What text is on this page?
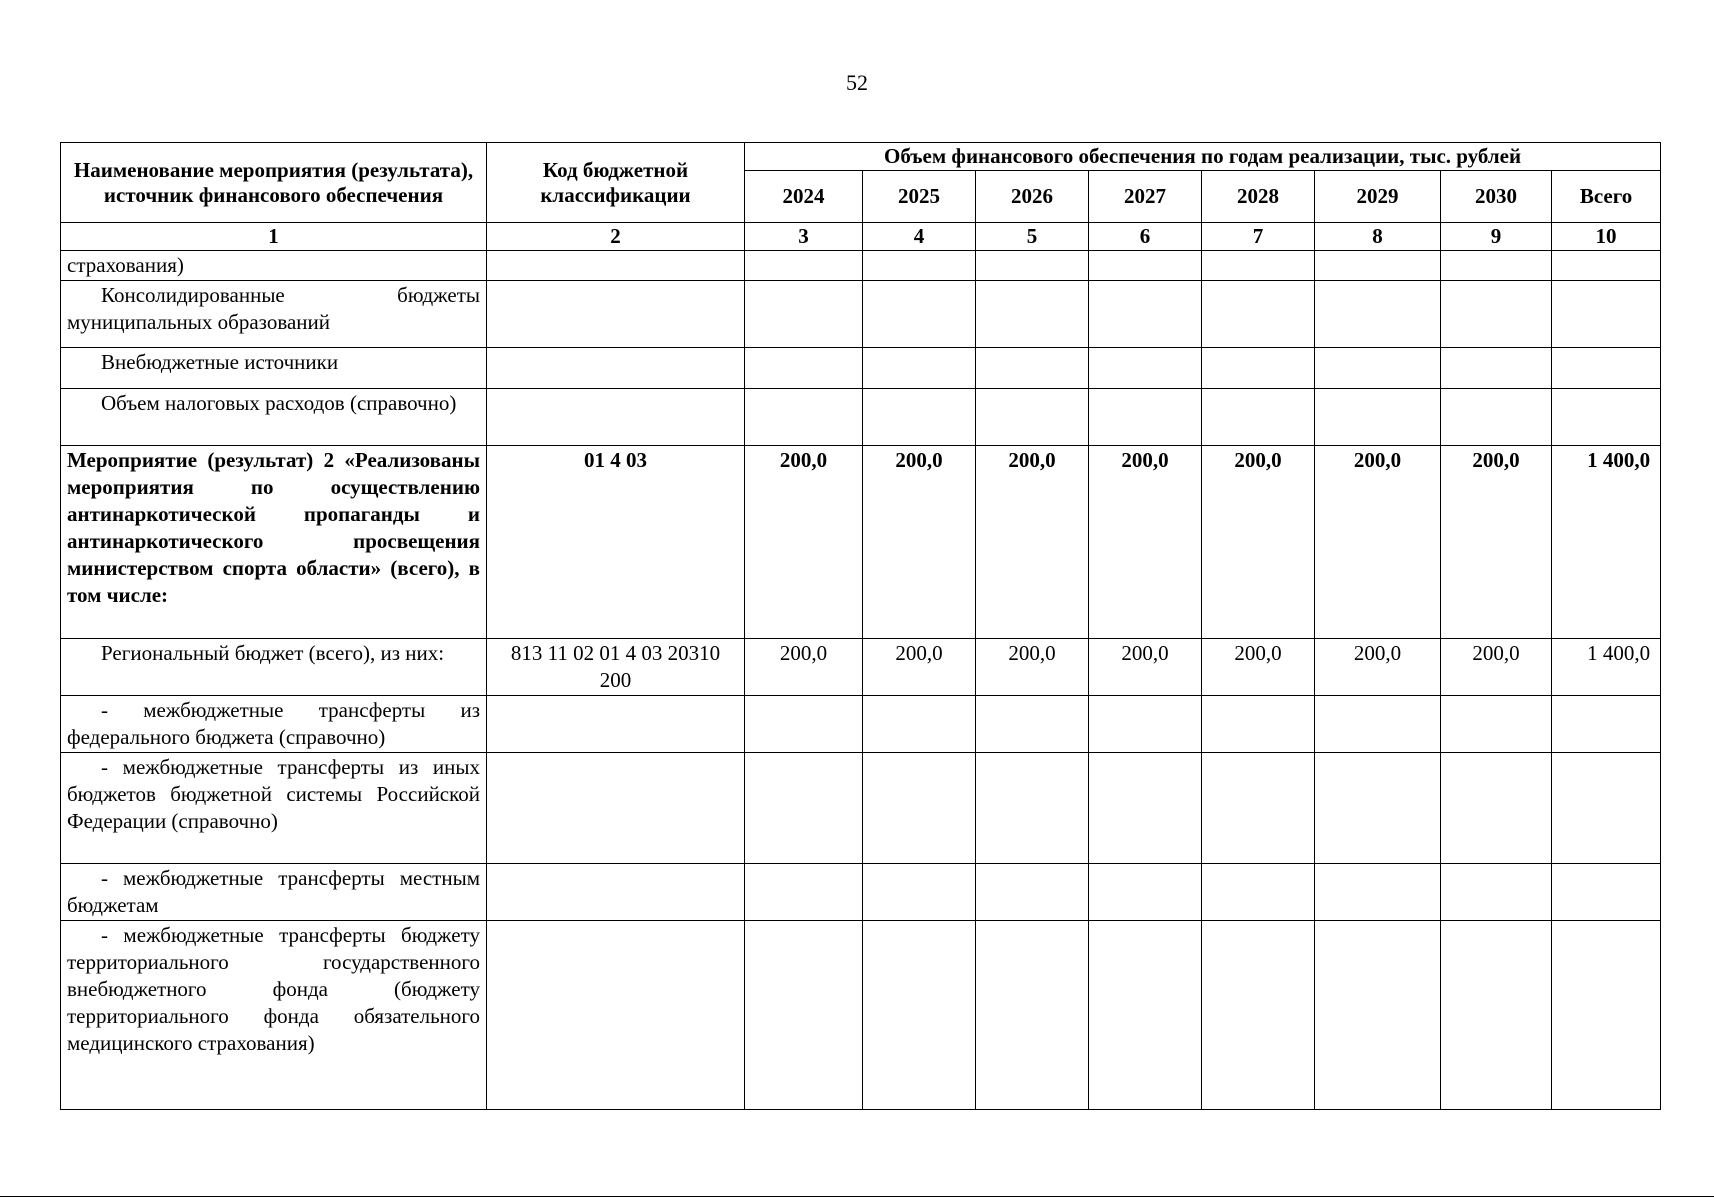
52
Наименование мероприятия (результата), источник финансового обеспечения	Код бюджетной классификации	Объем финансового обеспечения по годам реализации, тыс. рублей							
		2024	2025	2026	2027	2028	2029	2030	Всего
1	2	3	4	5	6	7	8	9	10
страхования)									
Консолидированные бюджеты муниципальных образований									
Внебюджетные источники									
Объем налоговых расходов (справочно)									
Мероприятие (результат) 2 «Реализованы мероприятия по осуществлению антинаркотической пропаганды и антинаркотического просвещения министерством спорта области» (всего), в том числе:	01 4 03	200,0	200,0	200,0	200,0	200,0	200,0	200,0	1 400,0
Региональный бюджет (всего), из них:	813 11 02 01 4 03 20310 200	200,0	200,0	200,0	200,0	200,0	200,0	200,0	1 400,0
- межбюджетные трансферты из федерального бюджета (справочно)									
- межбюджетные трансферты из иных бюджетов бюджетной системы Российской Федерации (справочно)									
- межбюджетные трансферты местным бюджетам									
- межбюджетные трансферты бюджету территориального государственного внебюджетного фонда (бюджету территориального фонда обязательного медицинского страхования)									
